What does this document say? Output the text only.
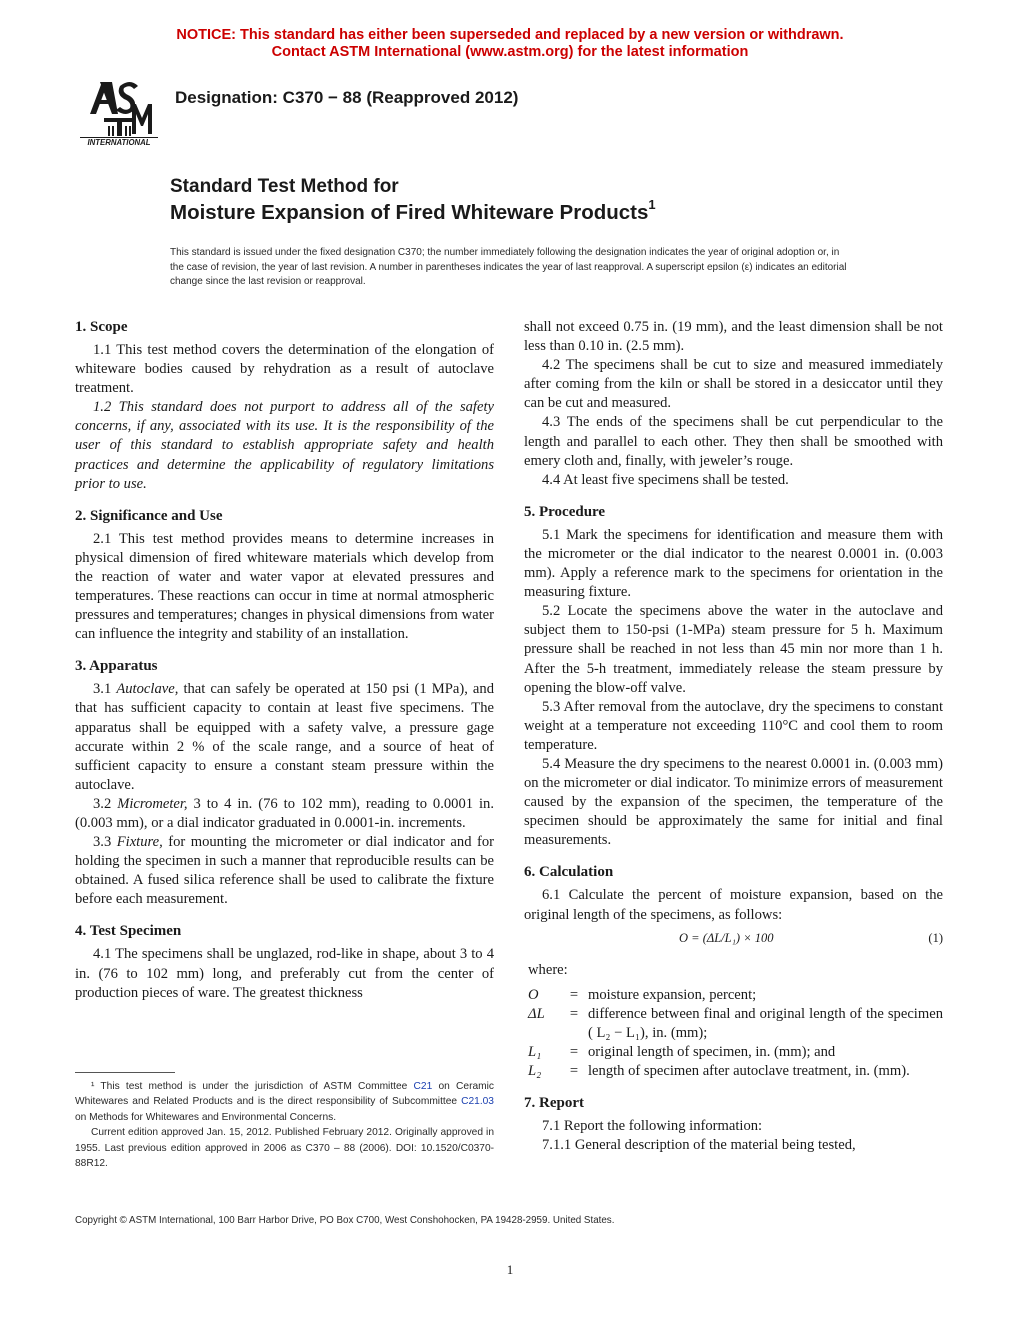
NOTICE: This standard has either been superseded and replaced by a new version or withdrawn.
Contact ASTM International (www.astm.org) for the latest information
INTERNATIONAL
Designation: C370 − 88 (Reapproved 2012)
Standard Test Method for
Moisture Expansion of Fired Whiteware Products$^1$
This standard is issued under the fixed designation C370; the number immediately following the designation indicates the year of original adoption or, in the case of revision, the year of last revision. A number in parentheses indicates the year of last reapproval. A superscript epsilon (ε) indicates an editorial change since the last revision or reapproval.
1. Scope

1.1 This test method covers the determination of the elongation of whiteware bodies caused by rehydration as a result of autoclave treatment.

1.2 This standard does not purport to address all of the safety concerns, if any, associated with its use. It is the responsibility of the user of this standard to establish appropriate safety and health practices and determine the applicability of regulatory limitations prior to use.

2. Significance and Use

2.1 This test method provides means to determine increases in physical dimension of fired whiteware materials which develop from the reaction of water and water vapor at elevated pressures and temperatures. These reactions can occur in time at normal atmospheric pressures and temperatures; changes in physical dimensions from water can influence the integrity and stability of an installation.

3. Apparatus

3.1 Autoclave, that can safely be operated at 150 psi (1 MPa), and that has sufficient capacity to contain at least five specimens. The apparatus shall be equipped with a safety valve, a pressure gage accurate within 2 % of the scale range, and a source of heat of sufficient capacity to ensure a constant steam pressure within the autoclave.

3.2 Micrometer, 3 to 4 in. (76 to 102 mm), reading to 0.0001 in. (0.003 mm), or a dial indicator graduated in 0.0001-in. increments.

3.3 Fixture, for mounting the micrometer or dial indicator and for holding the specimen in such a manner that reproducible results can be obtained. A fused silica reference shall be used to calibrate the fixture before each measurement.

4. Test Specimen

4.1 The specimens shall be unglazed, rod-like in shape, about 3 to 4 in. (76 to 102 mm) long, and preferably cut from the center of production pieces of ware. The greatest thickness

¹ This test method is under the jurisdiction of ASTM Committee C21 on Ceramic Whitewares and Related Products and is the direct responsibility of Subcommittee C21.03 on Methods for Whitewares and Environmental Concerns.

Current edition approved Jan. 15, 2012. Published February 2012. Originally approved in 1955. Last previous edition approved in 2006 as C370 – 88 (2006). DOI: 10.1520/C0370-88R12.

shall not exceed 0.75 in. (19 mm), and the least dimension shall be not less than 0.10 in. (2.5 mm).

4.2 The specimens shall be cut to size and measured immediately after coming from the kiln or shall be stored in a desiccator until they can be cut and measured.

4.3 The ends of the specimens shall be cut perpendicular to the length and parallel to each other. They then shall be smoothed with emery cloth and, finally, with jeweler’s rouge.

4.4 At least five specimens shall be tested.

5. Procedure

5.1 Mark the specimens for identification and measure them with the micrometer or the dial indicator to the nearest 0.0001 in. (0.003 mm). Apply a reference mark to the specimens for orientation in the measuring fixture.

5.2 Locate the specimens above the water in the autoclave and subject them to 150-psi (1-MPa) steam pressure for 5 h. Maximum pressure shall be reached in not less than 45 min nor more than 1 h. After the 5-h treatment, immediately release the steam pressure by opening the blow-off valve.

5.3 After removal from the autoclave, dry the specimens to constant weight at a temperature not exceeding 110°C and cool them to room temperature.

5.4 Measure the dry specimens to the nearest 0.0001 in. (0.003 mm) on the micrometer or dial indicator. To minimize errors of measurement caused by the expansion of the specimen, the temperature of the specimen should be approximately the same for initial and final measurements.

6. Calculation

6.1 Calculate the percent of moisture expansion, based on the original length of the specimens, as follows:

O = (ΔL/L₁) × 100	(1)

where:

O	=	moisture expansion, percent;
ΔL	=	difference between final and original length of the specimen ( L₂ − L₁), in. (mm);
L₁	=	original length of specimen, in. (mm); and
L₂	=	length of specimen after autoclave treatment, in. (mm).
7. Report

7.1 Report the following information:

7.1.1 General description of the material being tested,

Copyright © ASTM International, 100 Barr Harbor Drive, PO Box C700, West Conshohocken, PA 19428-2959. United States.
1
